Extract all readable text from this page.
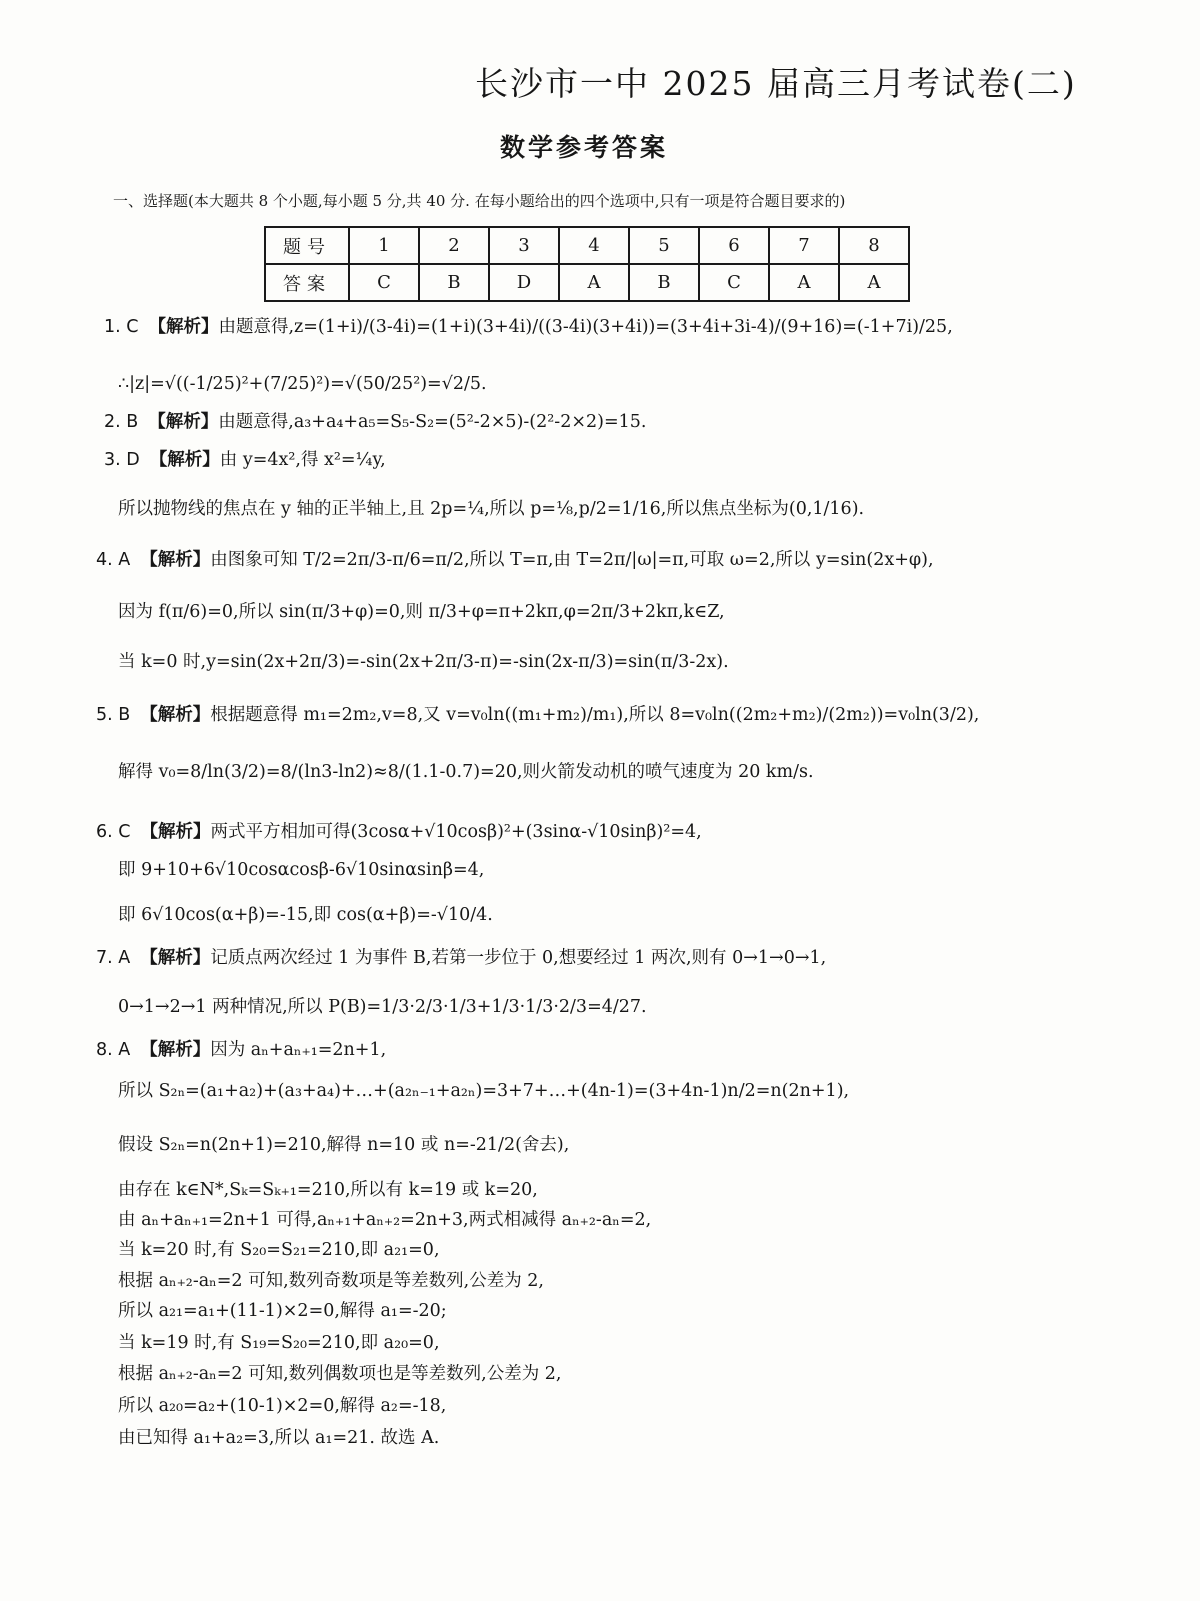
长沙市一中 2025 届高三月考试卷(二)
数学参考答案
一、选择题(本大题共 8 个小题,每小题 5 分,共 40 分. 在每小题给出的四个选项中,只有一项是符合题目要求的)
题号	1	2	3	4	5	6	7	8
答案	C	B	D	A	B	C	A	A
1. C 【解析】由题意得,z=(1+i)/(3-4i)=(1+i)(3+4i)/((3-4i)(3+4i))=(3+4i+3i-4)/(9+16)=(-1+7i)/25,
∴|z|=√((-1/25)²+(7/25)²)=√(50/25²)=√2/5.
2. B 【解析】由题意得,a₃+a₄+a₅=S₅-S₂=(5²-2×5)-(2²-2×2)=15.
3. D 【解析】由 y=4x²,得 x²=¼y,
所以抛物线的焦点在 y 轴的正半轴上,且 2p=¼,所以 p=⅛,p/2=1/16,所以焦点坐标为(0,1/16).
4. A 【解析】由图象可知 T/2=2π/3-π/6=π/2,所以 T=π,由 T=2π/|ω|=π,可取 ω=2,所以 y=sin(2x+φ),
因为 f(π/6)=0,所以 sin(π/3+φ)=0,则 π/3+φ=π+2kπ,φ=2π/3+2kπ,k∈Z,
当 k=0 时,y=sin(2x+2π/3)=-sin(2x+2π/3-π)=-sin(2x-π/3)=sin(π/3-2x).
5. B 【解析】根据题意得 m₁=2m₂,v=8,又 v=v₀ln((m₁+m₂)/m₁),所以 8=v₀ln((2m₂+m₂)/(2m₂))=v₀ln(3/2),
解得 v₀=8/ln(3/2)=8/(ln3-ln2)≈8/(1.1-0.7)=20,则火箭发动机的喷气速度为 20 km/s.
6. C 【解析】两式平方相加可得(3cosα+√10cosβ)²+(3sinα-√10sinβ)²=4,
即 9+10+6√10cosαcosβ-6√10sinαsinβ=4,
即 6√10cos(α+β)=-15,即 cos(α+β)=-√10/4.
7. A 【解析】记质点两次经过 1 为事件 B,若第一步位于 0,想要经过 1 两次,则有 0→1→0→1,
0→1→2→1 两种情况,所以 P(B)=1/3·2/3·1/3+1/3·1/3·2/3=4/27.
8. A 【解析】因为 aₙ+aₙ₊₁=2n+1,
所以 S₂ₙ=(a₁+a₂)+(a₃+a₄)+…+(a₂ₙ₋₁+a₂ₙ)=3+7+…+(4n-1)=(3+4n-1)n/2=n(2n+1),
假设 S₂ₙ=n(2n+1)=210,解得 n=10 或 n=-21/2(舍去),
由存在 k∈N*,Sₖ=Sₖ₊₁=210,所以有 k=19 或 k=20,
由 aₙ+aₙ₊₁=2n+1 可得,aₙ₊₁+aₙ₊₂=2n+3,两式相减得 aₙ₊₂-aₙ=2,
当 k=20 时,有 S₂₀=S₂₁=210,即 a₂₁=0,
根据 aₙ₊₂-aₙ=2 可知,数列奇数项是等差数列,公差为 2,
所以 a₂₁=a₁+(11-1)×2=0,解得 a₁=-20;
当 k=19 时,有 S₁₉=S₂₀=210,即 a₂₀=0,
根据 aₙ₊₂-aₙ=2 可知,数列偶数项也是等差数列,公差为 2,
所以 a₂₀=a₂+(10-1)×2=0,解得 a₂=-18,
由已知得 a₁+a₂=3,所以 a₁=21. 故选 A.
